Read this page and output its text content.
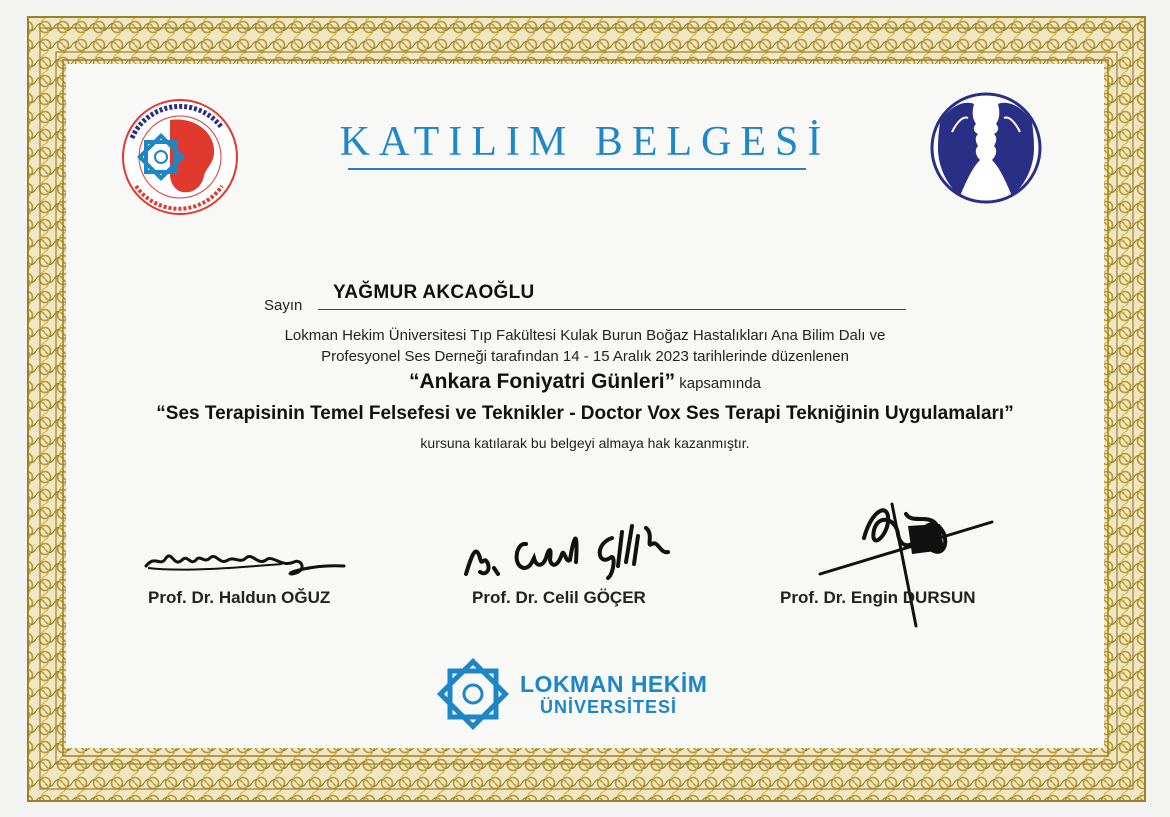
KATILIM BELGESİ
Sayın
YAĞMUR AKCAOĞLU
Lokman Hekim Üniversitesi Tıp Fakültesi Kulak Burun Boğaz Hastalıkları Ana Bilim Dalı ve
Profesyonel Ses Derneği tarafından 14 - 15 Aralık 2023 tarihlerinde düzenlenen
“Ankara Foniyatri Günleri” kapsamında
“Ses Terapisinin Temel Felsefesi ve Teknikler - Doctor Vox Ses Terapi Tekniğinin Uygulamaları”
kursuna katılarak bu belgeyi almaya hak kazanmıştır.
Prof. Dr. Haldun OĞUZ	Prof. Dr. Celil GÖÇER	Prof. Dr. Engin DURSUN
LOKMAN HEKİM
ÜNİVERSİTESİ
